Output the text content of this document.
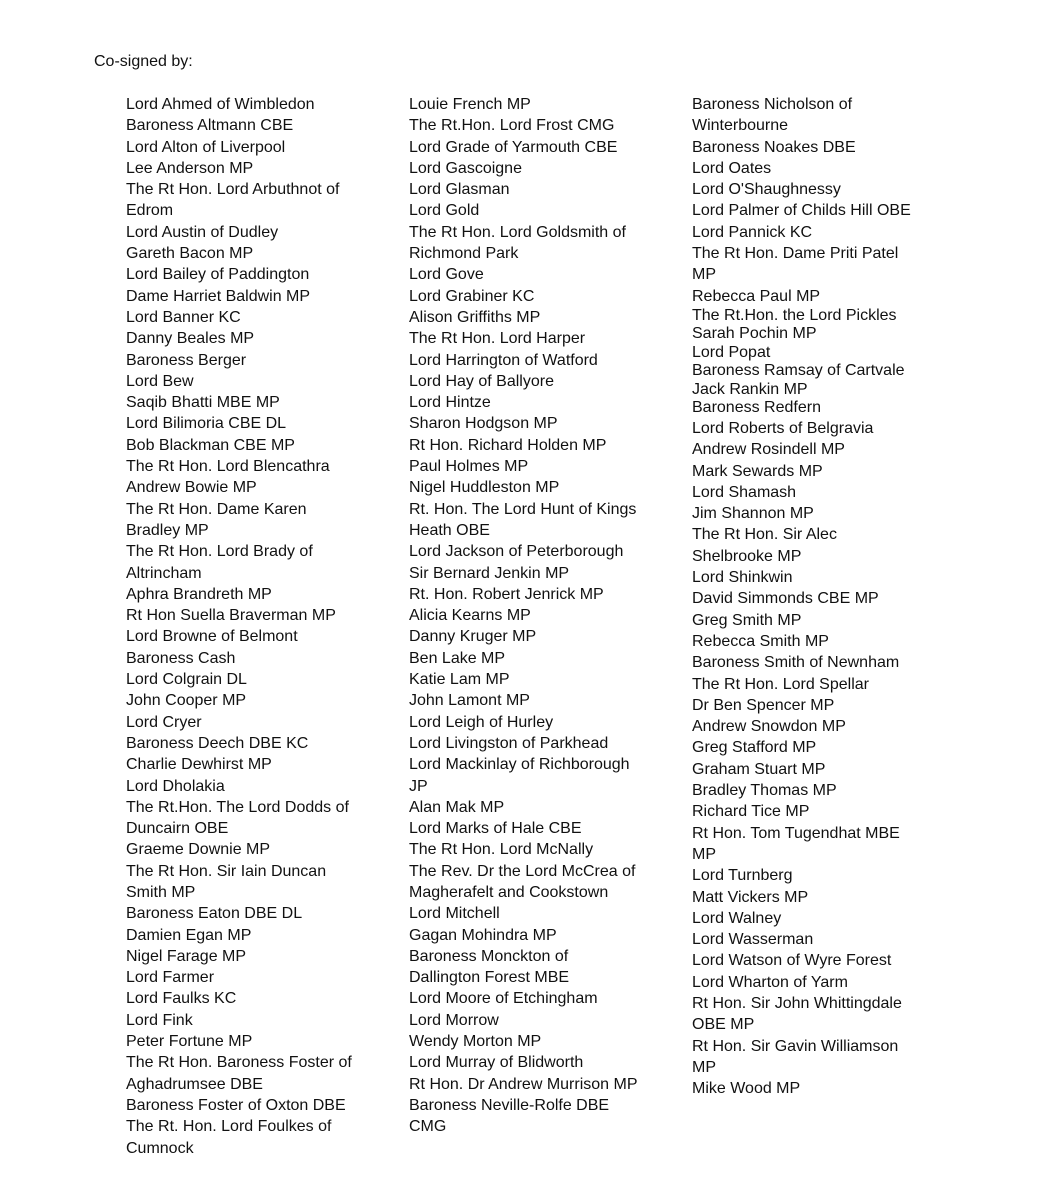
Co-signed by:
Lord Ahmed of Wimbledon
Baroness Altmann CBE
Lord Alton of Liverpool
Lee Anderson MP
The Rt Hon. Lord Arbuthnot of Edrom
Lord Austin of Dudley
Gareth Bacon MP
Lord Bailey of Paddington
Dame Harriet Baldwin MP
Lord Banner KC
Danny Beales MP
Baroness Berger
Lord Bew
Saqib Bhatti MBE MP
Lord Bilimoria CBE DL
Bob Blackman CBE MP
The Rt Hon. Lord Blencathra
Andrew Bowie MP
The Rt Hon. Dame Karen Bradley MP
The Rt Hon. Lord Brady of Altrincham
Aphra Brandreth MP
Rt Hon Suella Braverman MP
Lord Browne of Belmont
Baroness Cash
Lord Colgrain DL
John Cooper MP
Lord Cryer
Baroness Deech DBE KC
Charlie Dewhirst MP
Lord Dholakia
The Rt.Hon. The Lord Dodds of Duncairn OBE
Graeme Downie MP
The Rt Hon. Sir Iain Duncan Smith MP
Baroness Eaton DBE DL
Damien Egan MP
Nigel Farage MP
Lord Farmer
Lord Faulks KC
Lord Fink
Peter Fortune MP
The Rt Hon. Baroness Foster of Aghadrumsee DBE
Baroness Foster of Oxton DBE
The Rt. Hon. Lord Foulkes of Cumnock
Louie French MP
The Rt.Hon. Lord Frost CMG
Lord Grade of Yarmouth CBE
Lord Gascoigne
Lord Glasman
Lord Gold
The Rt Hon. Lord Goldsmith of Richmond Park
Lord Gove
Lord Grabiner KC
Alison Griffiths MP
The Rt Hon. Lord Harper
Lord Harrington of Watford
Lord Hay of Ballyore
Lord Hintze
Sharon Hodgson MP
Rt Hon. Richard Holden MP
Paul Holmes MP
Nigel Huddleston MP
Rt. Hon. The Lord Hunt of Kings Heath OBE
Lord Jackson of Peterborough
Sir Bernard Jenkin MP
Rt. Hon. Robert Jenrick MP
Alicia Kearns MP
Danny Kruger MP
Ben Lake MP
Katie Lam MP
John Lamont MP
Lord Leigh of Hurley
Lord Livingston of Parkhead
Lord Mackinlay of Richborough JP
Alan Mak MP
Lord Marks of Hale CBE
The Rt Hon. Lord McNally
The Rev. Dr the Lord McCrea of Magherafelt and Cookstown
Lord Mitchell
Gagan Mohindra MP
Baroness Monckton of Dallington Forest MBE
Lord Moore of Etchingham
Lord Morrow
Wendy Morton MP
Lord Murray of Blidworth
Rt Hon. Dr Andrew Murrison MP
Baroness Neville-Rolfe DBE CMG
Baroness Nicholson of Winterbourne
Baroness Noakes DBE
Lord Oates
Lord O'Shaughnessy
Lord Palmer of Childs Hill OBE
Lord Pannick KC
The Rt Hon. Dame Priti Patel MP
Rebecca Paul MP
The Rt.Hon. the Lord Pickles
Sarah Pochin MP
Lord Popat
Baroness Ramsay of Cartvale
Jack Rankin MP
Baroness Redfern
Lord Roberts of Belgravia
Andrew Rosindell MP
Mark Sewards MP
Lord Shamash
Jim Shannon MP
The Rt Hon. Sir Alec Shelbrooke MP
Lord Shinkwin
David Simmonds CBE MP
Greg Smith MP
Rebecca Smith MP
Baroness Smith of Newnham
The Rt Hon. Lord Spellar
Dr Ben Spencer MP
Andrew Snowdon MP
Greg Stafford MP
Graham Stuart MP
Bradley Thomas MP
Richard Tice MP
Rt Hon. Tom Tugendhat MBE MP
Lord Turnberg
Matt Vickers MP
Lord Walney
Lord Wasserman
Lord Watson of Wyre Forest
Lord Wharton of Yarm
Rt Hon. Sir John Whittingdale OBE MP
Rt Hon. Sir Gavin Williamson MP
Mike Wood MP
